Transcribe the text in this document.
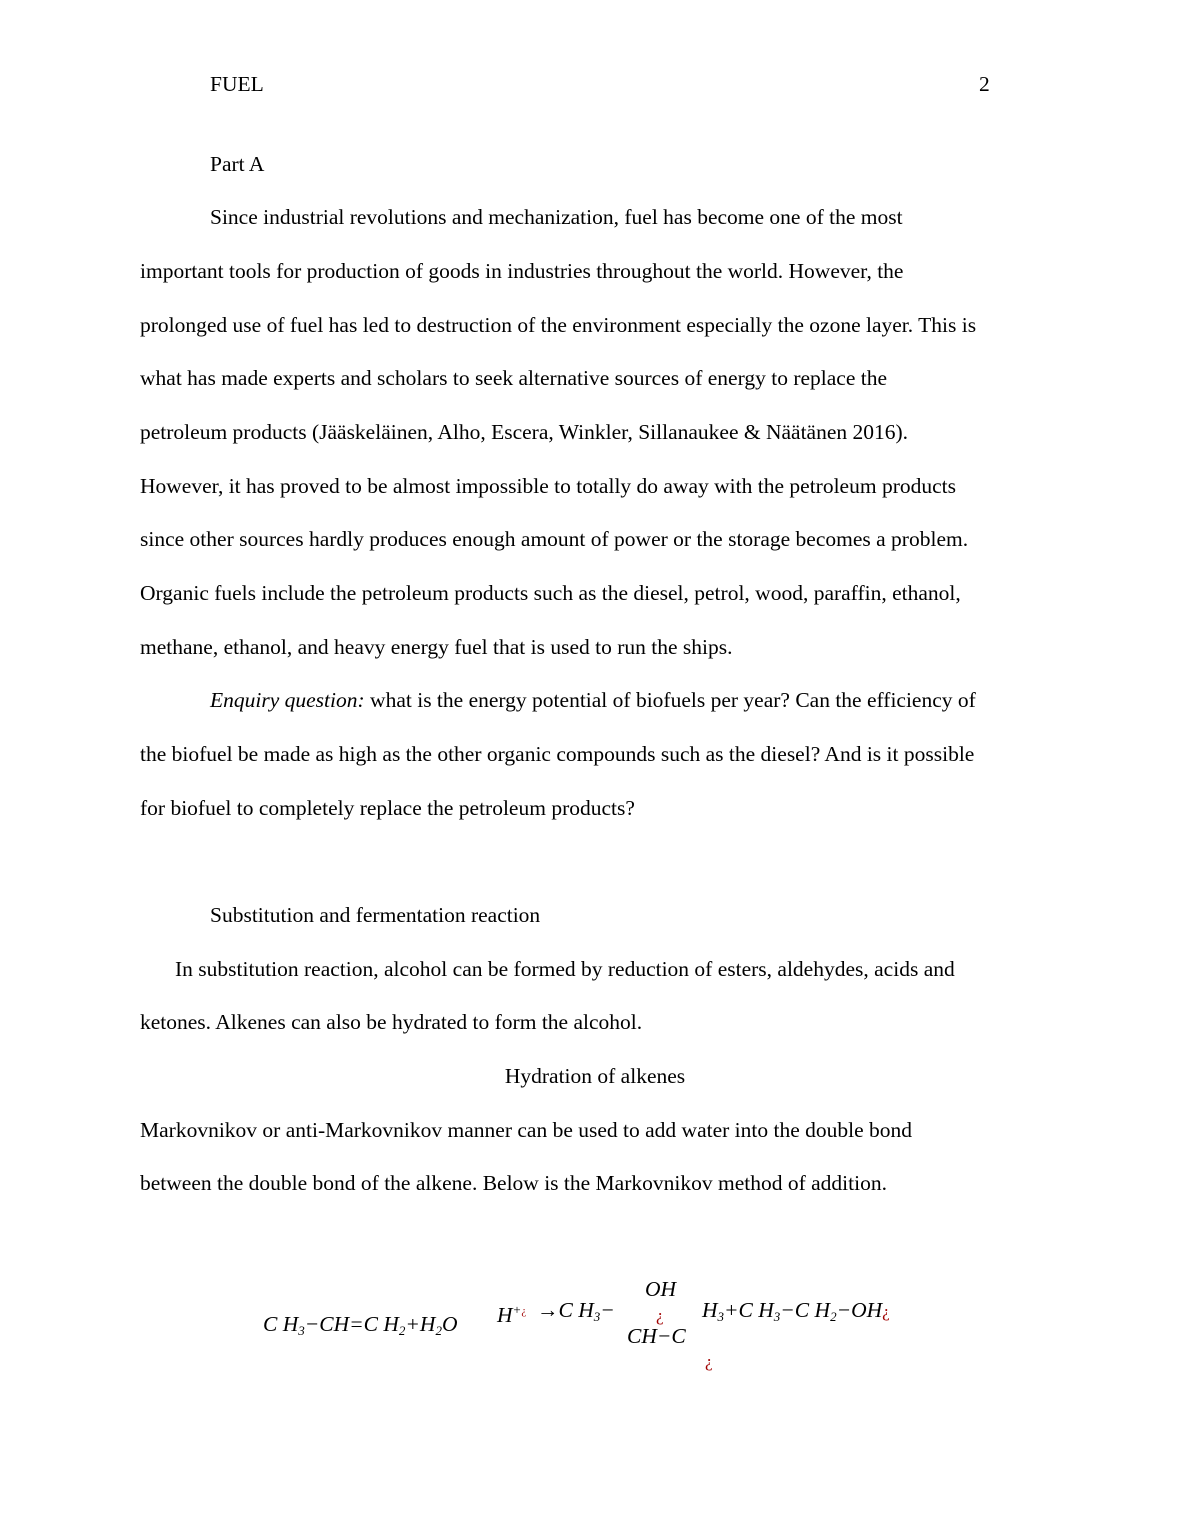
FUEL	2
Part A
Since industrial revolutions and mechanization, fuel has become one of the most
important tools for production of goods in industries throughout the world. However, the
prolonged use of fuel has led to destruction of the environment especially the ozone layer. This is
what has made experts and scholars to seek alternative sources of energy to replace the
petroleum products (Jääskeläinen, Alho, Escera, Winkler, Sillanaukee & Näätänen 2016).
However, it has proved to be almost impossible to totally do away with the petroleum products
since other sources hardly produces enough amount of power or the storage becomes a problem.
Organic fuels include the petroleum products such as the diesel, petrol, wood, paraffin, ethanol,
methane, ethanol, and heavy energy fuel that is used to run the ships.
Enquiry question: what is the energy potential of biofuels per year? Can the efficiency of
the biofuel be made as high as the other organic compounds such as the diesel? And is it possible
for biofuel to completely replace the petroleum products?
Substitution and fermentation reaction
In substitution reaction, alcohol can be formed by reduction of esters, aldehydes, acids and
ketones. Alkenes can also be hydrated to form the alcohol.
Hydration of alkenes
Markovnikov or anti-Markovnikov manner can be used to add water into the double bond
between the double bond of the alkene. Below is the Markovnikov method of addition.
C $H_3-CH=C$ $H_2+H_2O$ H+¿ →C $H_3-$
OH
¿
CH−C
¿
$H_3+C$ $H_3-C$ $H_2-OH¿$
